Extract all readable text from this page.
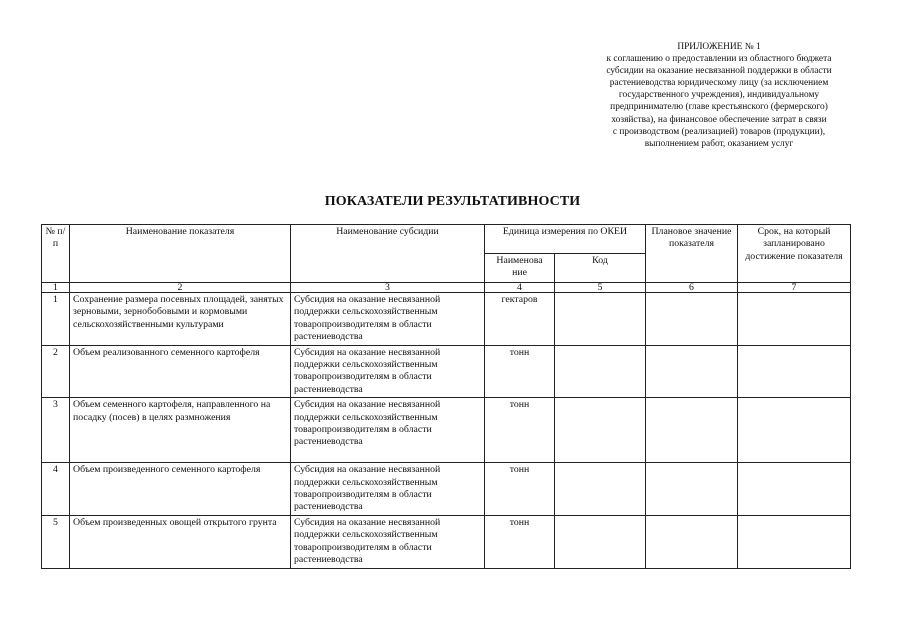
ПРИЛОЖЕНИЕ № 1
к соглашению о предоставлении из областного бюджета
субсидии на оказание несвязанной поддержки в области
растениеводства юридическому лицу (за исключением
государственного учреждения), индивидуальному
предпринимателю (главе крестьянского (фермерского)
хозяйства), на финансовое обеспечение затрат в связи
с производством (реализацией) товаров (продукции),
выполнением работ, оказанием услуг
ПОКАЗАТЕЛИ РЕЗУЛЬТАТИВНОСТИ
№ п/п	Наименование показателя	Наименование субсидии	Единица измерения по ОКЕИ		Плановое значение показателя	Срок, на который запланировано достижение показателя
			Наименова ние	Код		
1	2	3	4	5	6	7
1	Сохранение размера посевных площадей, занятых зерновыми, зернобобовыми и кормовыми сельскохозяйственными культурами	Субсидия на оказание несвязанной поддержки сельскохозяйственным товаропроизводителям в области растениеводства	гектаров			
2	Объем реализованного семенного картофеля	Субсидия на оказание несвязанной поддержки сельскохозяйственным товаропроизводителям в области растениеводства	тонн			
3	Объем семенного картофеля, направленного на посадку (посев) в целях размножения	Субсидия на оказание несвязанной поддержки сельскохозяйственным товаропроизводителям в области растениеводства	тонн			
4	Объем произведенного семенного картофеля	Субсидия на оказание несвязанной поддержки сельскохозяйственным товаропроизводителям в области растениеводства	тонн			
5	Объем произведенных овощей открытого грунта	Субсидия на оказание несвязанной поддержки сельскохозяйственным товаропроизводителям в области растениеводства	тонн			
